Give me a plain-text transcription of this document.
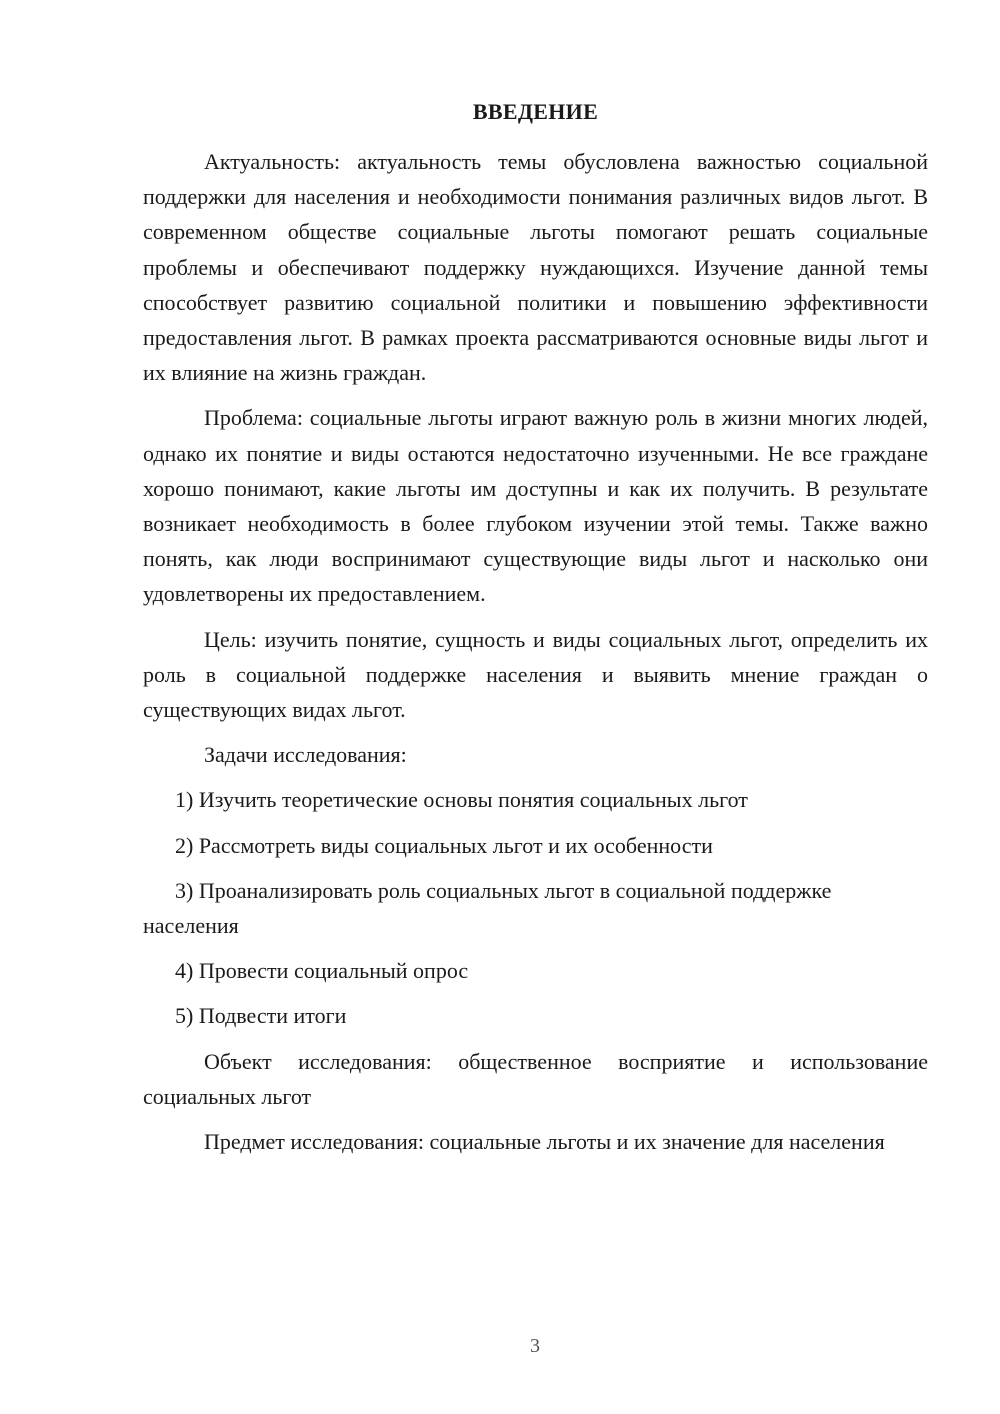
ВВЕДЕНИЕ

Актуальность: актуальность темы обусловлена важностью социальной поддержки для населения и необходимости понимания различных видов льгот. В современном обществе социальные льготы помогают решать социальные проблемы и обеспечивают поддержку нуждающихся. Изучение данной темы способствует развитию социальной политики и повышению эффективности предоставления льгот. В рамках проекта рассматриваются основные виды льгот и их влияние на жизнь граждан.

Проблема: социальные льготы играют важную роль в жизни многих людей, однако их понятие и виды остаются недостаточно изученными. Не все граждане хорошо понимают, какие льготы им доступны и как их получить. В результате возникает необходимость в более глубоком изучении этой темы. Также важно понять, как люди воспринимают существующие виды льгот и насколько они удовлетворены их предоставлением.

Цель: изучить понятие, сущность и виды социальных льгот, определить их роль в социальной поддержке населения и выявить мнение граждан о существующих видах льгот.

Задачи исследования:

1) Изучить теоретические основы понятия социальных льгот

2) Рассмотреть виды социальных льгот и их особенности

3) Проанализировать роль социальных льгот в социальной поддержке населения

4) Провести социальный опрос

5) Подвести итоги

Объект исследования: общественное восприятие и использование социальных льгот

Предмет исследования: социальные льготы и их значение для населения

3
